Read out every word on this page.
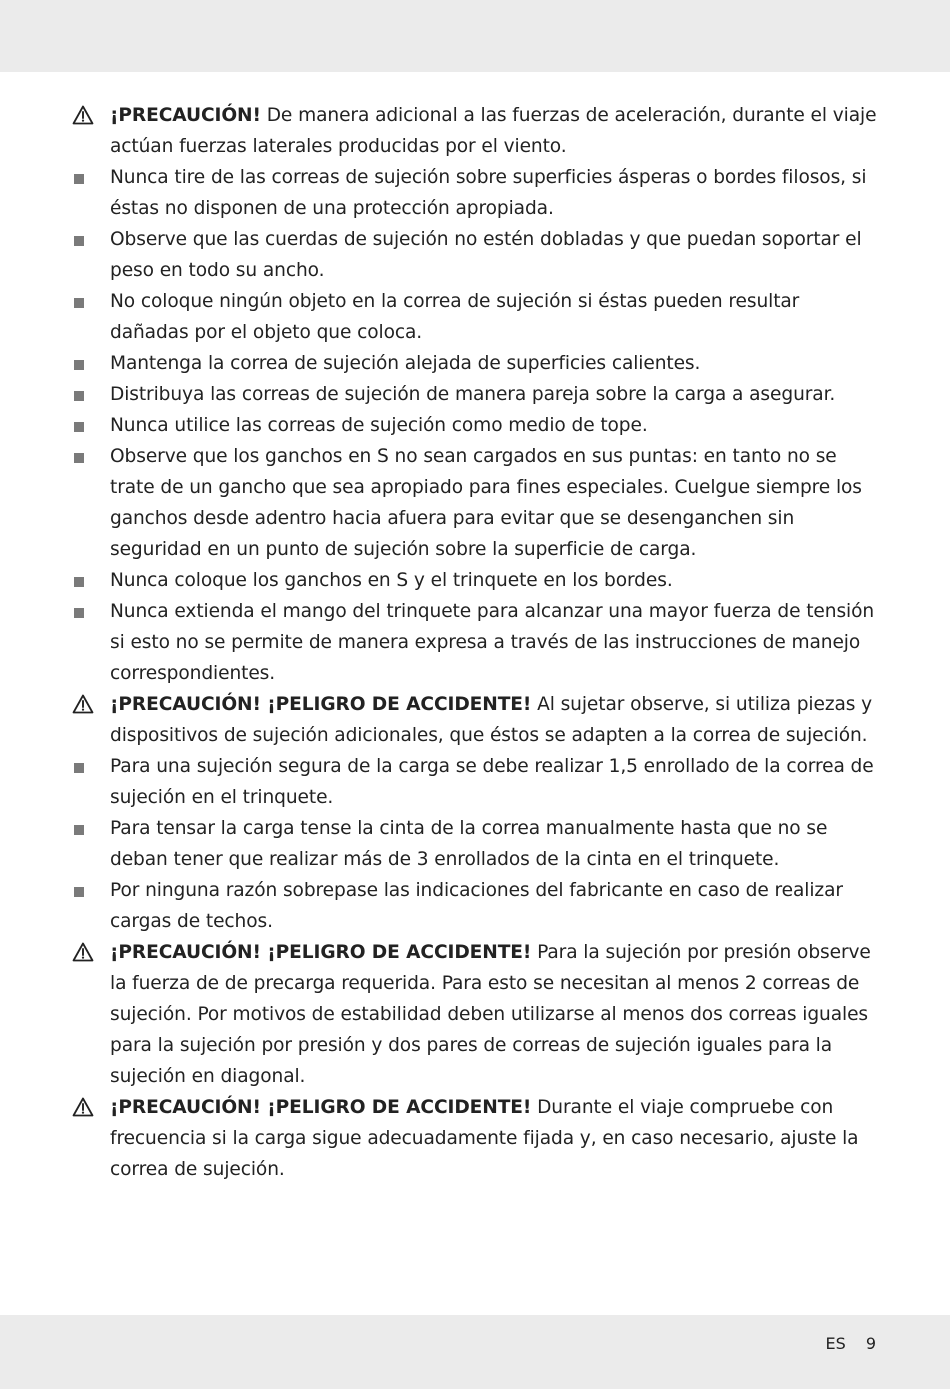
¡PRECAUCIÓN! De manera adicional a las fuerzas de aceleración, durante el viaje actúan fuerzas laterales producidas por el viento.
Nunca tire de las correas de sujeción sobre superficies ásperas o bordes filosos, si éstas no disponen de una protección apropiada.
Observe que las cuerdas de sujeción no estén dobladas y que puedan soportar el peso en todo su ancho.
No coloque ningún objeto en la correa de sujeción si éstas pueden resultar dañadas por el objeto que coloca.
Mantenga la correa de sujeción alejada de superficies calientes.
Distribuya las correas de sujeción de manera pareja sobre la carga a asegurar.
Nunca utilice las correas de sujeción como medio de tope.
Observe que los ganchos en S no sean cargados en sus puntas: en tanto no se trate de un gancho que sea apropiado para fines especiales. Cuelgue siempre los ganchos desde adentro hacia afuera para evitar que se desenganchen sin seguridad en un punto de sujeción sobre la superficie de carga.
Nunca coloque los ganchos en S y el trinquete en los bordes.
Nunca extienda el mango del trinquete para alcanzar una mayor fuerza de tensión si esto no se permite de manera expresa a través de las instrucciones de manejo correspondientes.
¡PRECAUCIÓN! ¡PELIGRO DE ACCIDENTE! Al sujetar observe, si utiliza piezas y dispositivos de sujeción adicionales, que éstos se adapten a la correa de sujeción.
Para una sujeción segura de la carga se debe realizar 1,5 enrollado de la correa de sujeción en el trinquete.
Para tensar la carga tense la cinta de la correa manualmente hasta que no se deban tener que realizar más de 3 enrollados de la cinta en el trinquete.
Por ninguna razón sobrepase las indicaciones del fabricante en caso de realizar cargas de techos.
¡PRECAUCIÓN! ¡PELIGRO DE ACCIDENTE! Para la sujeción por presión observe la fuerza de de precarga requerida. Para esto se necesitan al menos 2 correas de sujeción. Por motivos de estabilidad deben utilizarse al menos dos correas iguales para la sujeción por presión y dos pares de correas de sujeción iguales para la sujeción en diagonal.
¡PRECAUCIÓN! ¡PELIGRO DE ACCIDENTE! Durante el viaje compruebe con frecuencia si la carga sigue adecuadamente fijada y, en caso necesario, ajuste la correa de sujeción.
ES 9
